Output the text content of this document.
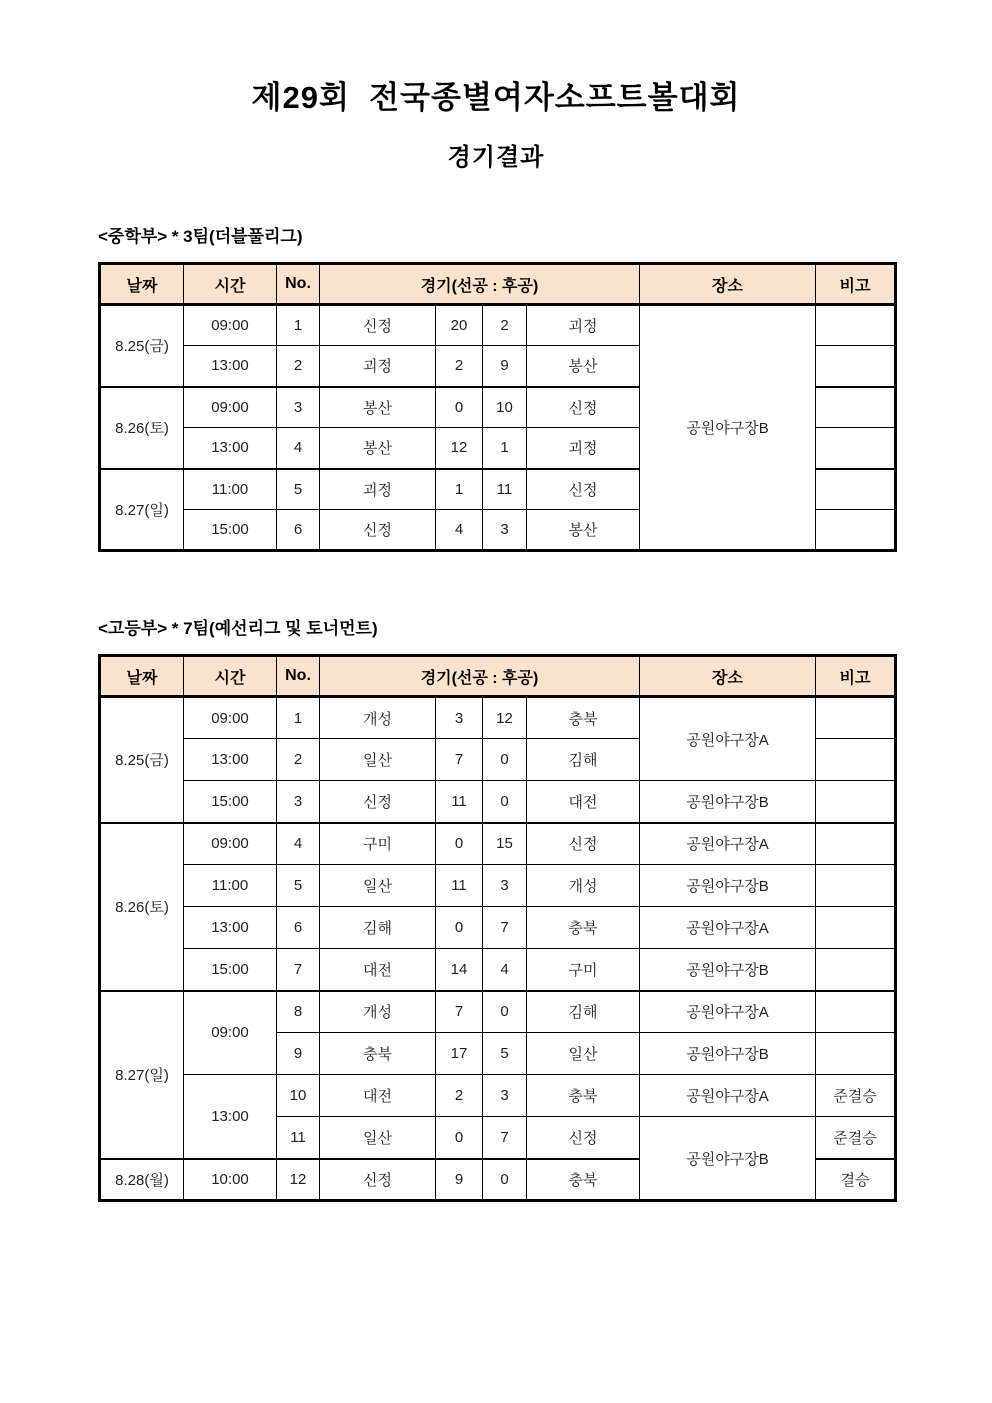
제29회  전국종별여자소프트볼대회
경기결과
<중학부> * 3팀(더블풀리그)
날짜	시간	No.	경기(선공 : 후공)				장소	비고
8.25(금)	09:00	1	신정	20	2	괴정	공원야구장B	
	13:00	2	괴정	2	9	봉산		
8.26(토)	09:00	3	봉산	0	10	신정		
	13:00	4	봉산	12	1	괴정		
8.27(일)	11:00	5	괴정	1	11	신정		
	15:00	6	신정	4	3	봉산		
<고등부> * 7팀(예선리그 및 토너먼트)
날짜	시간	No.	경기(선공 : 후공)				장소	비고
8.25(금)	09:00	1	개성	3	12	충북	공원야구장A	
	13:00	2	일산	7	0	김해		
	15:00	3	신정	11	0	대전	공원야구장B	
8.26(토)	09:00	4	구미	0	15	신정	공원야구장A	
	11:00	5	일산	11	3	개성	공원야구장B	
	13:00	6	김해	0	7	충북	공원야구장A	
	15:00	7	대전	14	4	구미	공원야구장B	
8.27(일)	09:00	8	개성	7	0	김해	공원야구장A	
		9	충북	17	5	일산	공원야구장B	
	13:00	10	대전	2	3	충북	공원야구장A	준결승
		11	일산	0	7	신정	공원야구장B	준결승
8.28(월)	10:00	12	신정	9	0	충북		결승
